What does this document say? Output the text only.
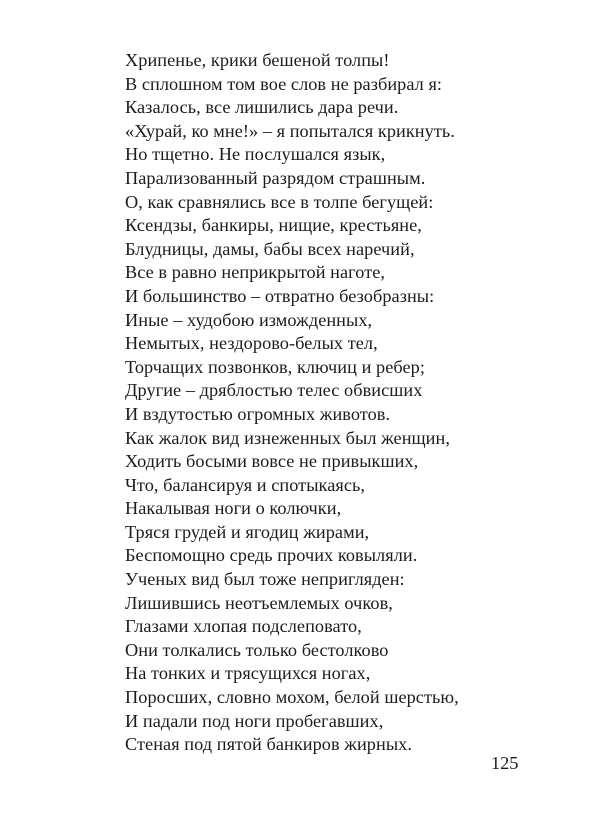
Хрипенье, крики бешеной толпы!
В сплошном том вое слов не разбирал я:
Казалось, все лишились дара речи.
«Хурай, ко мне!» – я попытался крикнуть.
Но тщетно. Не послушался язык,
Парализованный разрядом страшным.
О, как сравнялись все в толпе бегущей:
Ксендзы, банкиры, нищие, крестьяне,
Блудницы, дамы, бабы всех наречий,
Все в равно неприкрытой наготе,
И большинство – отвратно безобразны:
Иные – худобою изможденных,
Немытых, нездорово-белых тел,
Торчащих позвонков, ключиц и ребер;
Другие – дряблостью телес обвисших
И вздутостью огромных животов.
Как жалок вид изнеженных был женщин,
Ходить босыми вовсе не привыкших,
Что, балансируя и спотыкаясь,
Накалывая ноги о колючки,
Тряся грудей и ягодиц жирами,
Беспомощно средь прочих ковыляли.
Ученых вид был тоже непригляден:
Лишившись неотъемлемых очков,
Глазами хлопая подслеповато,
Они толкались только бестолково
На тонких и трясущихся ногах,
Поросших, словно мохом, белой шерстью,
И падали под ноги пробегавших,
Стеная под пятой банкиров жирных.
125
